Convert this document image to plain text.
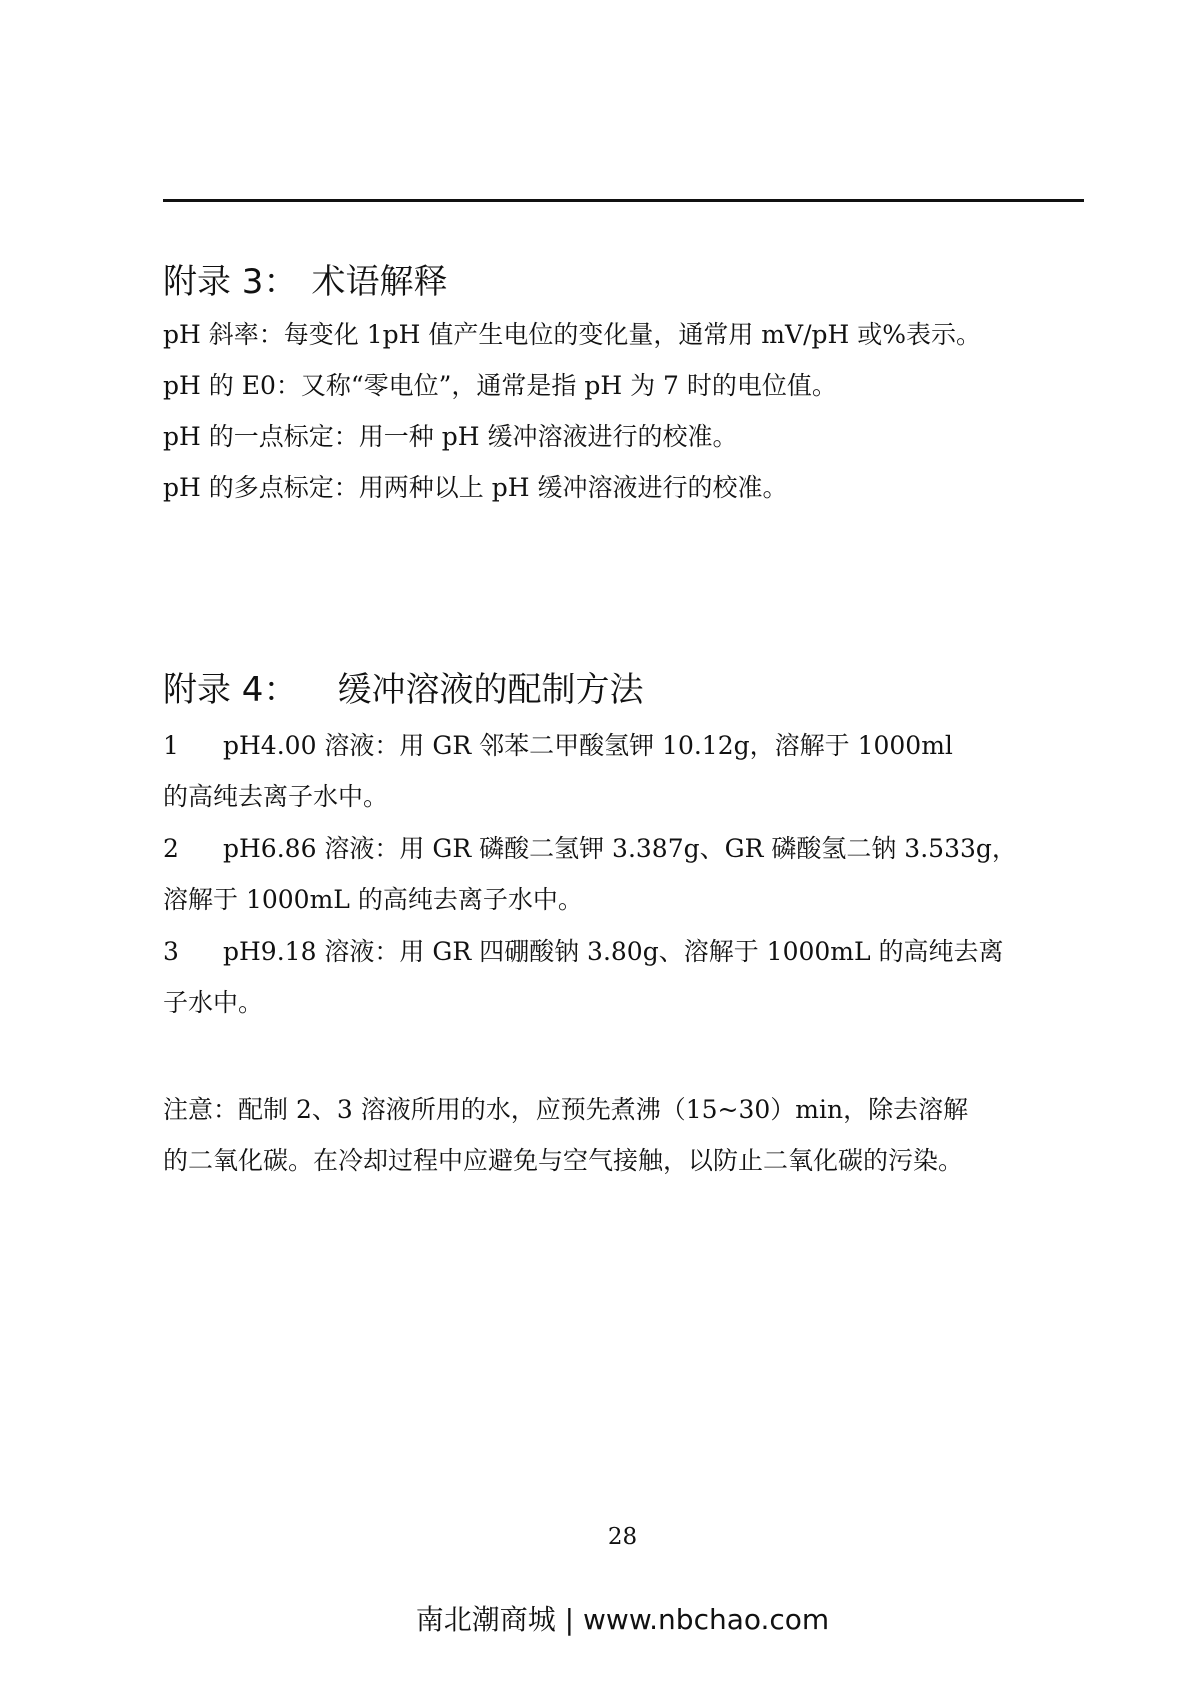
附录 3： 术语解释
pH 斜率：每变化 1pH 值产生电位的变化量，通常用 mV/pH 或%表示。
pH 的 E0：又称“零电位”，通常是指 pH 为 7 时的电位值。
pH 的一点标定：用一种 pH 缓冲溶液进行的校准。
pH 的多点标定：用两种以上 pH 缓冲溶液进行的校准。
附录 4： 缓冲溶液的配制方法
1 pH4.00 溶液：用 GR 邻苯二甲酸氢钾 10.12g，溶解于 1000ml
的高纯去离子水中。
2 pH6.86 溶液：用 GR 磷酸二氢钾 3.387g、GR 磷酸氢二钠 3.533g，
溶解于 1000mL 的高纯去离子水中。
3 pH9.18 溶液：用 GR 四硼酸钠 3.80g、溶解于 1000mL 的高纯去离
子水中。
注意：配制 2、3 溶液所用的水，应预先煮沸（15~30）min，除去溶解
的二氧化碳。在冷却过程中应避免与空气接触，以防止二氧化碳的污染。
28
南北潮商城 | www.nbchao.com
